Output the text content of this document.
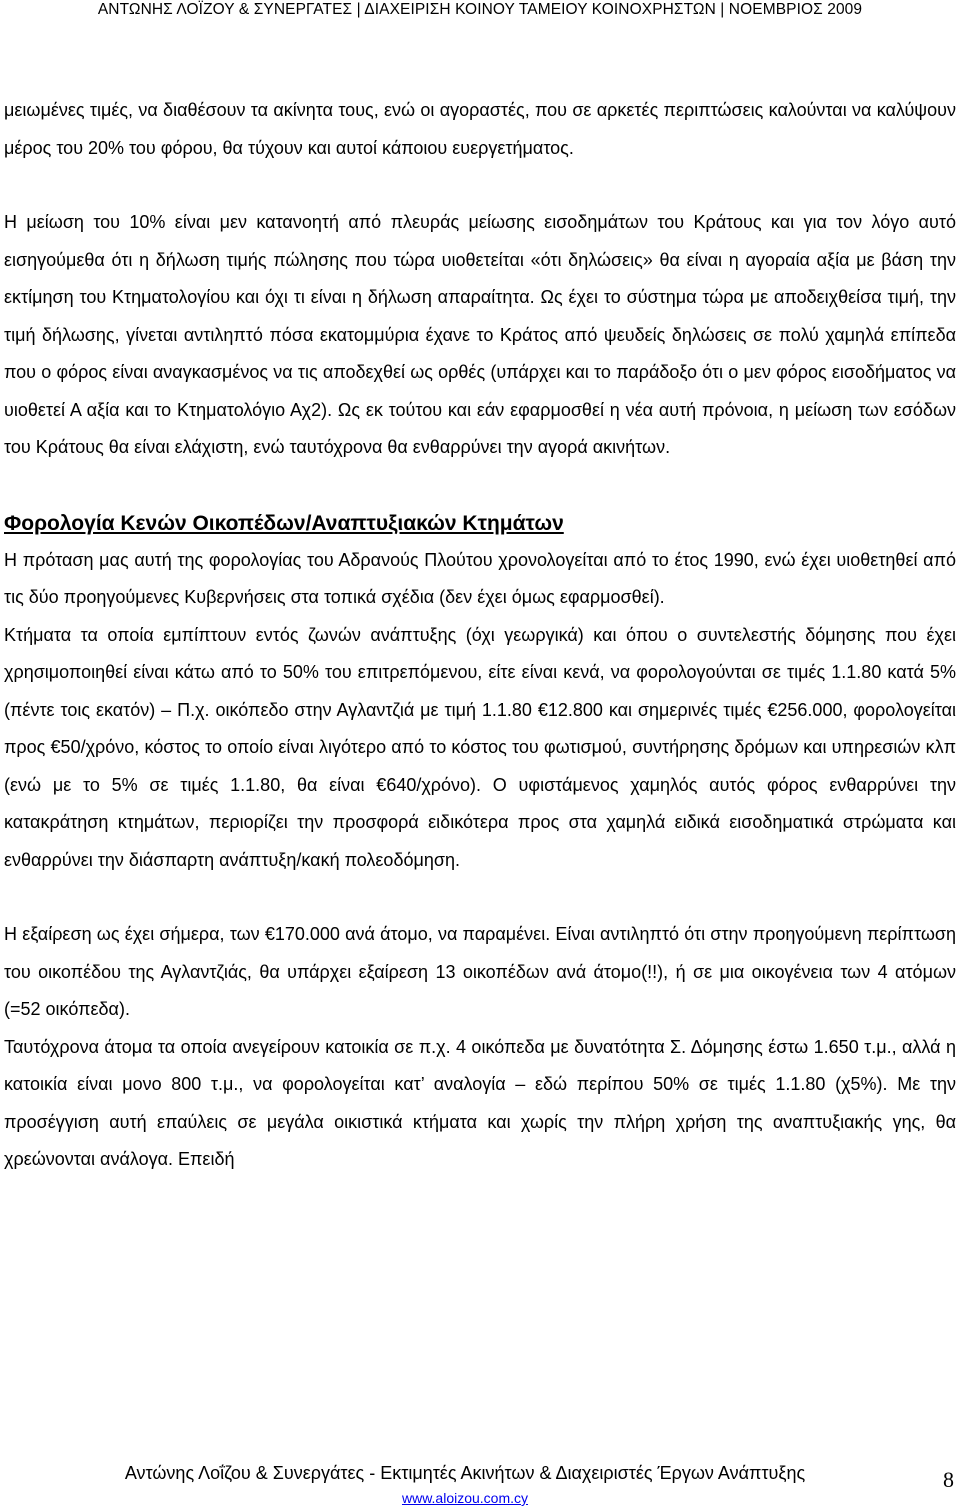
ΑΝΤΩΝΗΣ ΛΟΪΖΟΥ & ΣΥΝΕΡΓΑΤΕΣ | ΔΙΑΧΕΙΡΙΣΗ ΚΟΙΝΟΥ ΤΑΜΕΙΟΥ ΚΟΙΝΟΧΡΗΣΤΩΝ | ΝΟΕΜΒΡΙΟΣ 2009

μειωμένες τιμές, να διαθέσουν τα ακίνητα τους, ενώ οι αγοραστές, που σε αρκετές περιπτώσεις καλούνται να καλύψουν μέρος του 20% του φόρου, θα τύχουν και αυτοί κάποιου ευεργετήματος.

Η μείωση του 10% είναι μεν κατανοητή από πλευράς μείωσης εισοδημάτων του Κράτους και για τον λόγο αυτό εισηγούμεθα ότι η δήλωση τιμής πώλησης που τώρα υιοθετείται «ότι δηλώσεις» θα είναι η αγοραία αξία με βάση την εκτίμηση του Κτηματολογίου και όχι τι είναι η δήλωση απαραίτητα. Ως έχει το σύστημα τώρα με αποδειχθείσα τιμή, την τιμή δήλωσης, γίνεται αντιληπτό πόσα εκατομμύρια έχανε το Κράτος από ψευδείς δηλώσεις σε πολύ χαμηλά επίπεδα που ο φόρος είναι αναγκασμένος να τις αποδεχθεί ως ορθές (υπάρχει και το παράδοξο ότι ο μεν φόρος εισοδήματος να υιοθετεί Α αξία και το Κτηματολόγιο Αχ2). Ως εκ τούτου και εάν εφαρμοσθεί η νέα αυτή πρόνοια, η μείωση των εσόδων του Κράτους θα είναι ελάχιστη, ενώ ταυτόχρονα θα ενθαρρύνει την αγορά ακινήτων.

Φορολογία Κενών Οικοπέδων/Αναπτυξιακών Κτημάτων

Η πρόταση μας αυτή της φορολογίας του Αδρανούς Πλούτου χρονολογείται από το έτος 1990, ενώ έχει υιοθετηθεί από τις δύο προηγούμενες Κυβερνήσεις στα τοπικά σχέδια (δεν έχει όμως εφαρμοσθεί).

Κτήματα τα οποία εμπίπτουν εντός ζωνών ανάπτυξης (όχι γεωργικά) και όπου ο συντελεστής δόμησης που έχει χρησιμοποιηθεί είναι κάτω από το 50% του επιτρεπόμενου, είτε είναι κενά, να φορολογούνται σε τιμές 1.1.80 κατά 5% (πέντε τοις εκατόν) – Π.χ. οικόπεδο στην Αγλαντζιά με τιμή 1.1.80 €12.800 και σημερινές τιμές €256.000, φορολογείται προς €50/χρόνο, κόστος το οποίο είναι λιγότερο από το κόστος του φωτισμού, συντήρησης δρόμων και υπηρεσιών κλπ (ενώ με το 5% σε τιμές 1.1.80, θα είναι €640/χρόνο). Ο υφιστάμενος χαμηλός αυτός φόρος ενθαρρύνει την κατακράτηση κτημάτων, περιορίζει την προσφορά ειδικότερα προς στα χαμηλά ειδικά εισοδηματικά στρώματα και ενθαρρύνει την διάσπαρτη ανάπτυξη/κακή πολεοδόμηση.

Η εξαίρεση ως έχει σήμερα, των €170.000 ανά άτομο, να παραμένει. Είναι αντιληπτό ότι στην προηγούμενη περίπτωση του οικοπέδου της Αγλαντζιάς, θα υπάρχει εξαίρεση 13 οικοπέδων ανά άτομο(!!), ή σε μια οικογένεια των 4 ατόμων (=52 οικόπεδα).

Ταυτόχρονα άτομα τα οποία ανεγείρουν κατοικία σε π.χ. 4 οικόπεδα με δυνατότητα Σ. Δόμησης έστω 1.650 τ.μ., αλλά η κατοικία είναι μονο 800 τ.μ., να φορολογείται κατ’ αναλογία – εδώ περίπου 50% σε τιμές 1.1.80 (χ5%). Με την προσέγγιση αυτή επαύλεις σε μεγάλα οικιστικά κτήματα και χωρίς την πλήρη χρήση της αναπτυξιακής γης, θα χρεώνονται ανάλογα. Επειδή

Αντώνης Λοΐζου & Συνεργάτες - Εκτιμητές Ακινήτων & Διαχειριστές Έργων Ανάπτυξης	8
www.aloizou.com.cy
